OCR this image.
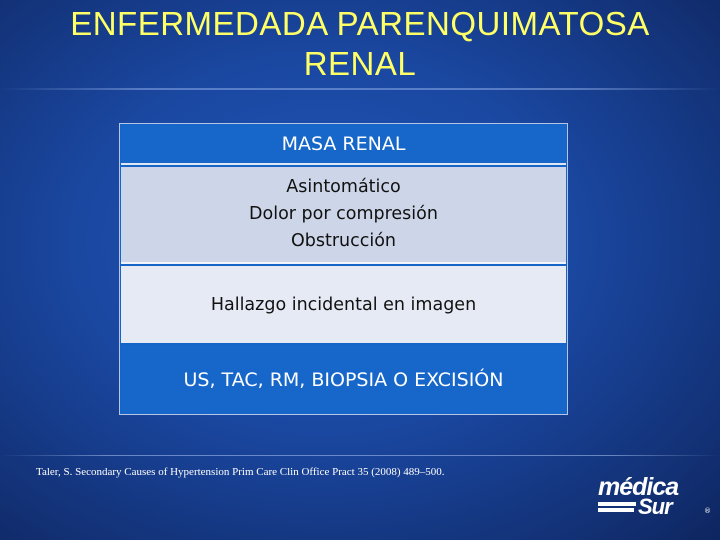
ENFERMEDADA PARENQUIMATOSA
RENAL
MASA RENAL
Asintomático
Dolor por compresión
Obstrucción
Hallazgo incidental en imagen
US, TAC, RM, BIOPSIA O EXCISIÓN
Taler, S. Secondary Causes of Hypertension Prim Care Clin Office Pract 35 (2008) 489–500.
médica
Sur	®
